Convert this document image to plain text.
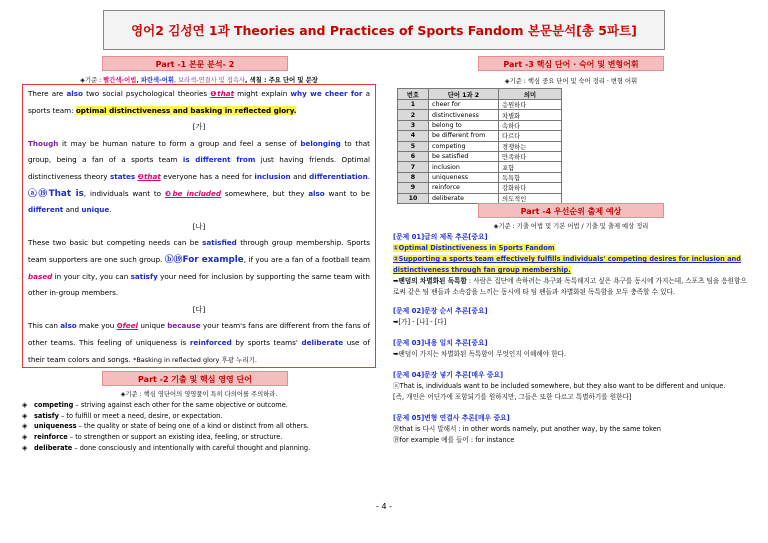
영어2 김성연 1과 Theories and Practices of Sports Fandom 본문분석[총 5파트]
Part -1 본문 분석- 2
◈기준 : 빨간색-어법, 파란색-어휘, 보라색-연결사 및 접속사, 색칠 : 주요 단어 및 문장

There are also two social psychological theories ❶that might explain why we cheer for a sports team: optimal distinctiveness and basking in reflected glory.

[가]

Though it may be human nature to form a group and feel a sense of belonging to that group, being a fan of a sports team is different from just having friends. Optimal distinctiveness theory states ❷that everyone has a need for inclusion and differentiation. ⓐ⑲That is, individuals want to ❸be included somewhere, but they also want to be different and unique.

[나]

These two basic but competing needs can be satisfied through group membership. Sports team supporters are one such group. ⓑ⑲For example, if you are a fan of a football team based in your city, you can satisfy your need for inclusion by supporting the same team with other in-group members.

[다]

This can also make you ❹feel unique because your team's fans are different from the fans of other teams. This feeling of uniqueness is reinforced by sports teams' deliberate use of their team colors and songs. *Basking in reflected glory 후광 누리기.

Part -2 기출 및 핵심 영영 단어
◈기준 : 핵심 영단어의 영영풀이 특히 다의어를 주의하라.
◈	competing – striving against each other for the same objective or outcome.
◈	satisfy – to fulfill or meet a need, desire, or expectation.
◈	uniqueness – the quality or state of being one of a kind or distinct from all others.
◈	reinforce – to strengthen or support an existing idea, feeling, or structure.
◈	deliberate – done consciously and intentionally with careful thought and planning.
Part -3 핵심 단어 · 숙어 및 변형어휘
◈기준 : 핵심 중요 단어 및 숙어 정리 · 변형 어휘
번호	단어 1과 2	의미
1	cheer for	응원하다
2	distinctiveness	차별화
3	belong to	속하다
4	be different from	다르다
5	competing	경쟁하는
6	be satisfied	만족하다
7	inclusion	포함
8	uniqueness	독특함
9	reinforce	강화하다
10	deliberate	의도적인
Part -4 우선순위 출제 예상
◈기준 : 기출 어법 및 기본 어법 / 기출 및 출제 예상 정리
[문제 01]글의 제목 추론[중요]
①Optimal Distinctiveness in Sports Fandom
②Supporting a sports team effectively fulfills individuals' competing desires for inclusion and distinctiveness through fan group membership.
➥팬덤의 차별화된 독특함 : 사람은 집단에 속하려는 욕구와 독특해지고 싶은 욕구를 동시에 가지는데, 스포츠 팀을 응원함으로써 같은 팀 팬들과 소속감을 느끼는 동시에 타 팀 팬들과 차별화된 독특함을 모두 충족할 수 있다.
[문제 02]문장 순서 추론[중요]
➥[가] - [나] - [다]
[문제 03]내용 일치 추론[중요]
➥팬덤이 가지는 차별화된 독특함이 무엇인지 이해해야 한다.
[문제 04]문장 넣기 추론[매우 중요]
ⓐThat is, individuals want to be included somewhere, but they also want to be different and unique.
[즉, 개인은 어딘가에 포함되기를 원하지만, 그들은 또한 다르고 특별하기를 원한다]
[문제 05]변형 연결사 추론[매우 중요]
⑲that is 다시 말해서 : in other words namely, put another way, by the same token
⑲for example 예를 들어 : for instance
- 4 -
